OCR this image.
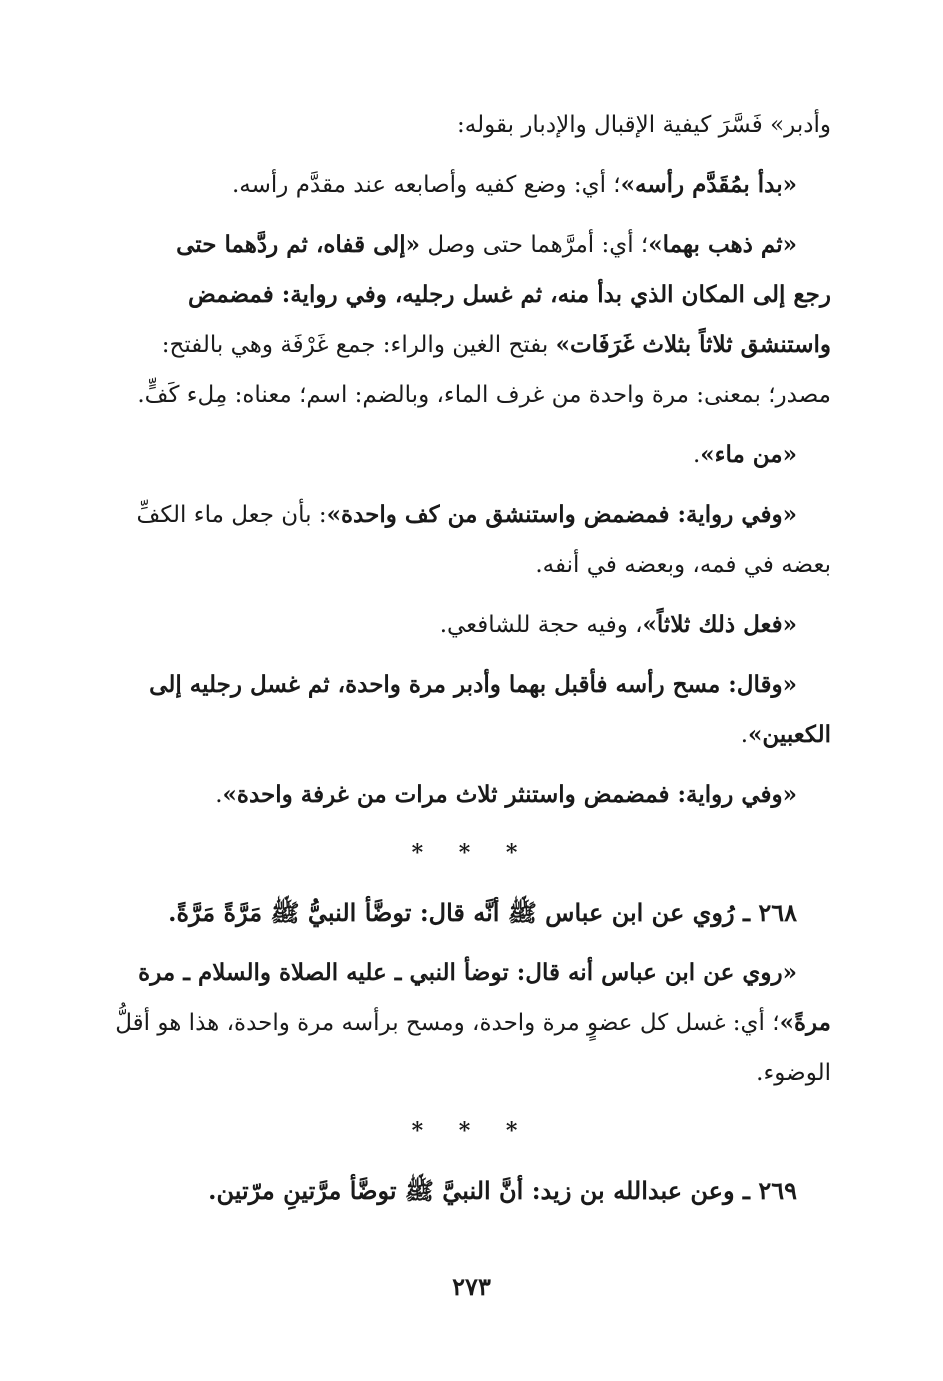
وأدبر» فَسَّرَ كيفية الإقبال والإدبار بقوله:

«بدأ بمُقَدَّم رأسه»؛ أي: وضع كفيه وأصابعه عند مقدَّم رأسه.

«ثم ذهب بهما»؛ أي: أمرَّهما حتى وصل «إلى قفاه، ثم ردَّهما حتى
رجع إلى المكان الذي بدأ منه، ثم غسل رجليه، وفي رواية: فمضمض
واستنشق ثلاثاً بثلاث غَرَفَات» بفتح الغين والراء: جمع غَرْفَة وهي بالفتح:
مصدر؛ بمعنى: مرة واحدة من غرف الماء، وبالضم: اسم؛ معناه: مِلء كَفٍّ.

«من ماء».

«وفي رواية: فمضمض واستنشق من كف واحدة»: بأن جعل ماء الكفِّ
بعضه في فمه، وبعضه في أنفه.

«فعل ذلك ثلاثاً»، وفيه حجة للشافعي.

«وقال: مسح رأسه فأقبل بهما وأدبر مرة واحدة، ثم غسل رجليه إلى
الكعبين».

«وفي رواية: فمضمض واستنثر ثلاث مرات من غرفة واحدة».

* * *

٢٦٨ ـ رُوي عن ابن عباس ﷺ أنَّه قال: توضَّأ النبيُّ ﷺ مَرَّةً مَرَّةً.

«روي عن ابن عباس أنه قال: توضأ النبي ـ عليه الصلاة والسلام ـ مرة
مرةً»؛ أي: غسل كل عضوٍ مرة واحدة، ومسح برأسه مرة واحدة، هذا هو أقلُّ
الوضوء.

* * *

٢٦٩ ـ وعن عبدالله بن زيد: أنَّ النبيَّ ﷺ توضَّأ مرَّتينِ مرّتين.

٢٧٣
